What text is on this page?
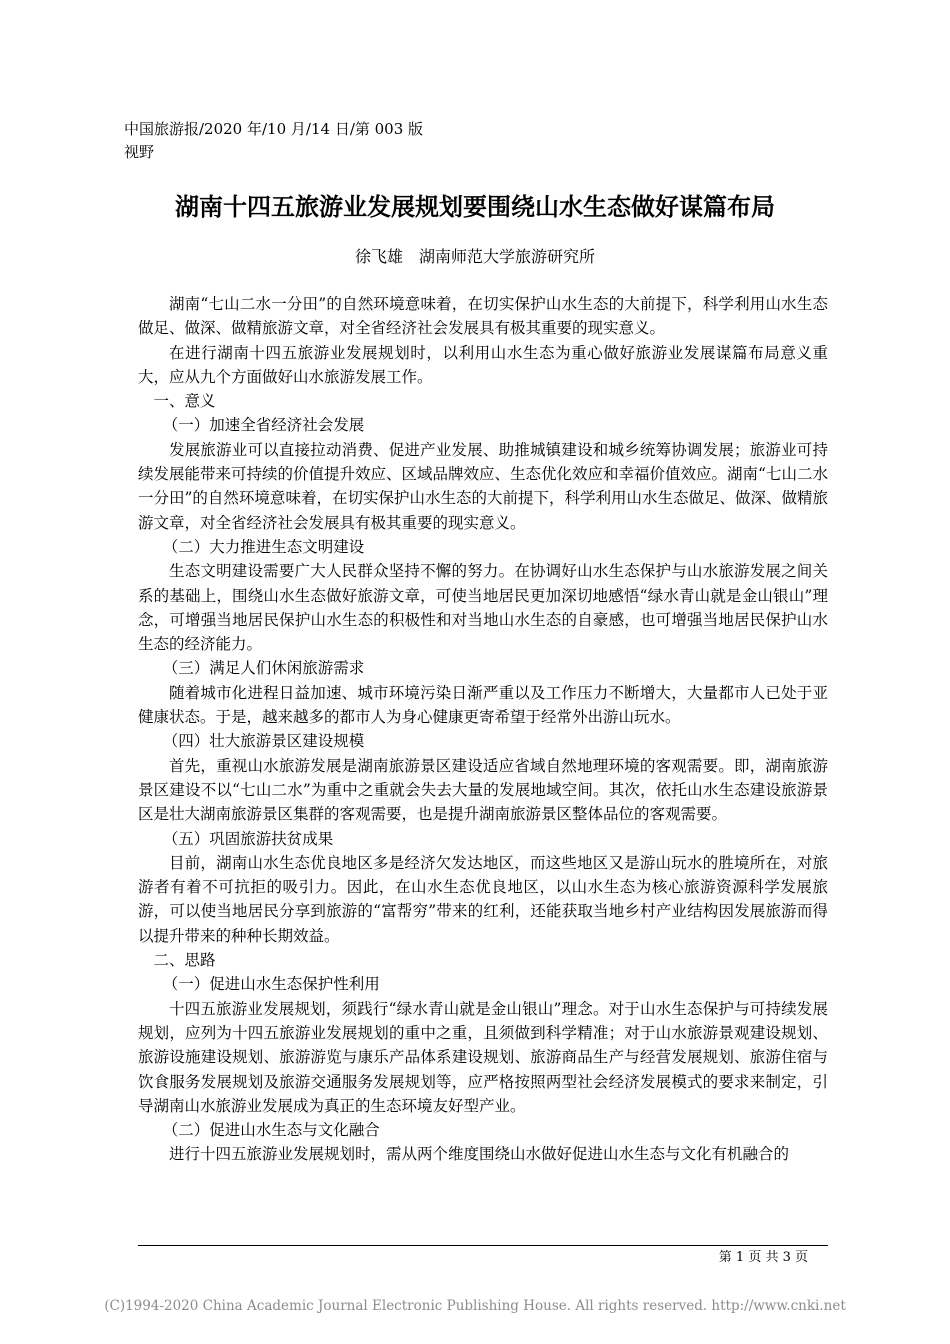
中国旅游报/2020 年/10 月/14 日/第 003 版
视野
湖南十四五旅游业发展规划要围绕山水生态做好谋篇布局
徐飞雄　湖南师范大学旅游研究所

湖南“七山二水一分田”的自然环境意味着，在切实保护山水生态的大前提下，科学利用山水生态做足、做深、做精旅游文章，对全省经济社会发展具有极其重要的现实意义。

在进行湖南十四五旅游业发展规划时，以利用山水生态为重心做好旅游业发展谋篇布局意义重大，应从九个方面做好山水旅游发展工作。

一、意义

（一）加速全省经济社会发展

发展旅游业可以直接拉动消费、促进产业发展、助推城镇建设和城乡统筹协调发展；旅游业可持续发展能带来可持续的价值提升效应、区域品牌效应、生态优化效应和幸福价值效应。湖南“七山二水一分田”的自然环境意味着，在切实保护山水生态的大前提下，科学利用山水生态做足、做深、做精旅游文章，对全省经济社会发展具有极其重要的现实意义。

（二）大力推进生态文明建设

生态文明建设需要广大人民群众坚持不懈的努力。在协调好山水生态保护与山水旅游发展之间关系的基础上，围绕山水生态做好旅游文章，可使当地居民更加深切地感悟“绿水青山就是金山银山”理念，可增强当地居民保护山水生态的积极性和对当地山水生态的自豪感，也可增强当地居民保护山水生态的经济能力。

（三）满足人们休闲旅游需求

随着城市化进程日益加速、城市环境污染日渐严重以及工作压力不断增大，大量都市人已处于亚健康状态。于是，越来越多的都市人为身心健康更寄希望于经常外出游山玩水。

（四）壮大旅游景区建设规模

首先，重视山水旅游发展是湖南旅游景区建设适应省域自然地理环境的客观需要。即，湖南旅游景区建设不以“七山二水”为重中之重就会失去大量的发展地域空间。其次，依托山水生态建设旅游景区是壮大湖南旅游景区集群的客观需要，也是提升湖南旅游景区整体品位的客观需要。

（五）巩固旅游扶贫成果

目前，湖南山水生态优良地区多是经济欠发达地区，而这些地区又是游山玩水的胜境所在，对旅游者有着不可抗拒的吸引力。因此，在山水生态优良地区，以山水生态为核心旅游资源科学发展旅游，可以使当地居民分享到旅游的“富帮穷”带来的红利，还能获取当地乡村产业结构因发展旅游而得以提升带来的种种长期效益。

二、思路

（一）促进山水生态保护性利用

十四五旅游业发展规划，须践行“绿水青山就是金山银山”理念。对于山水生态保护与可持续发展规划，应列为十四五旅游业发展规划的重中之重，且须做到科学精准；对于山水旅游景观建设规划、旅游设施建设规划、旅游游览与康乐产品体系建设规划、旅游商品生产与经营发展规划、旅游住宿与饮食服务发展规划及旅游交通服务发展规划等，应严格按照两型社会经济发展模式的要求来制定，引导湖南山水旅游业发展成为真正的生态环境友好型产业。

（二）促进山水生态与文化融合

进行十四五旅游业发展规划时，需从两个维度围绕山水做好促进山水生态与文化有机融合的

第 1 页 共 3 页
(C)1994-2020 China Academic Journal Electronic Publishing House. All rights reserved. http://www.cnki.net
